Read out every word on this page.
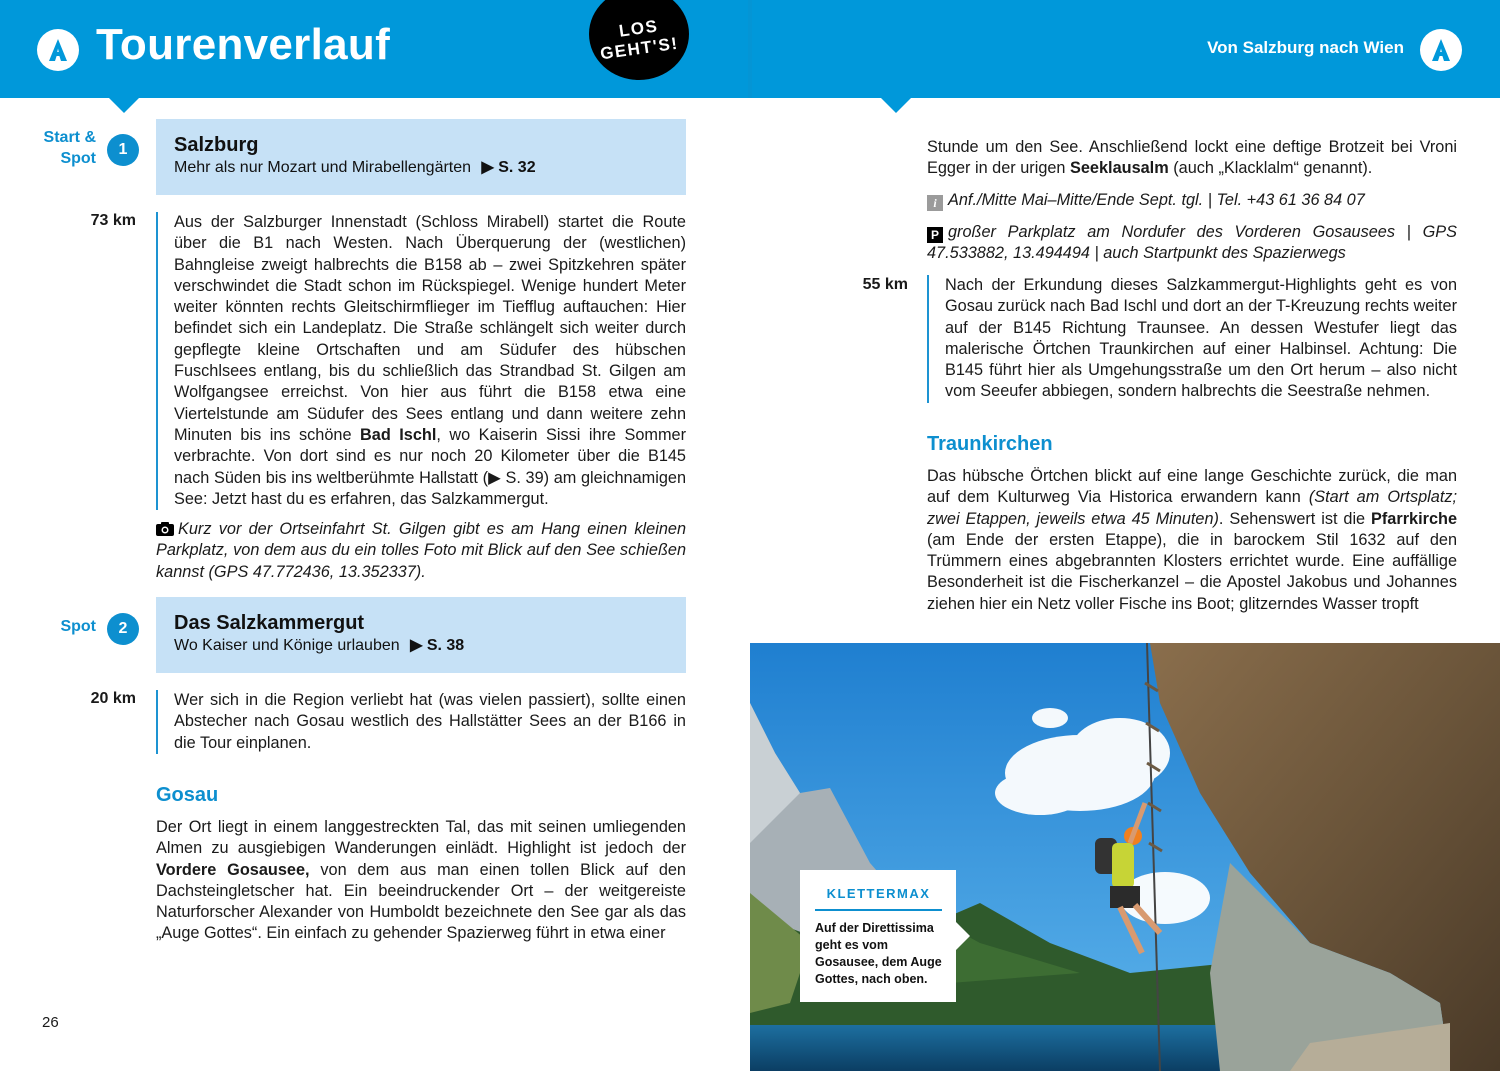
Tourenverlauf	LOS
GEHT'S!	Von Salzburg nach Wien
Start &
Spot
1	Salzburg
Mehr als nur Mozart und Mirabellengärten ▶ S. 32
73 km	Aus der Salzburger Innenstadt (Schloss Mirabell) startet die Route über die B1 nach Westen. Nach Überquerung der (westlichen) Bahngleise zweigt halbrechts die B158 ab – zwei Spitzkehren später verschwindet die Stadt schon im Rückspiegel. Wenige hundert Meter weiter könnten rechts Gleitschirmflieger im Tiefflug auftauchen: Hier befindet sich ein Landeplatz. Die Straße schlängelt sich weiter durch gepflegte kleine Ortschaften und am Südufer des hübschen Fuschlsees entlang, bis du schließlich das Strandbad St. Gilgen am Wolfgangsee erreichst. Von hier aus führt die B158 etwa eine Viertelstunde am Südufer des Sees entlang und dann weitere zehn Minuten bis ins schöne Bad Ischl, wo Kaiserin Sissi ihre Sommer verbrachte. Von dort sind es nur noch 20 Kilometer über die B145 nach Süden bis ins weltberühmte Hallstatt (▶ S. 39) am gleichnamigen See: Jetzt hast du es erfahren, das Salzkammergut.
Kurz vor der Ortseinfahrt St. Gilgen gibt es am Hang einen kleinen Parkplatz, von dem aus du ein tolles Foto mit Blick auf den See schießen kannst (GPS 47.772436, 13.352337).
Spot	2	Das Salzkammergut
Wo Kaiser und Könige urlauben ▶ S. 38
20 km	Wer sich in die Region verliebt hat (was vielen passiert), sollte einen Abstecher nach Gosau westlich des Hallstätter Sees an der B166 in die Tour einplanen.
Gosau
Der Ort liegt in einem langgestreckten Tal, das mit seinen umliegenden Almen zu ausgiebigen Wanderungen einlädt. Highlight ist jedoch der Vordere Gosausee, von dem aus man einen tollen Blick auf den Dachsteingletscher hat. Ein beeindruckender Ort – der weitgereiste Naturforscher Alexander von Humboldt bezeichnete den See gar als das „Auge Gottes“. Ein einfach zu gehender Spazierweg führt in etwa einer
26
Stunde um den See. Anschließend lockt eine deftige Brotzeit bei Vroni Egger in der urigen Seeklausalm (auch „Klacklalm“ genannt).
i Anf./Mitte Mai–Mitte/Ende Sept. tgl. | Tel. +43 61 36 84 07
P großer Parkplatz am Nordufer des Vorderen Gosausees | GPS 47.533882, 13.494494 | auch Startpunkt des Spazierwegs
55 km	Nach der Erkundung dieses Salzkammergut-Highlights geht es von Gosau zurück nach Bad Ischl und dort an der T-Kreuzung rechts weiter auf der B145 Richtung Traunsee. An dessen Westufer liegt das malerische Örtchen Traunkirchen auf einer Halbinsel. Achtung: Die B145 führt hier als Umgehungsstraße um den Ort herum – also nicht vom Seeufer abbiegen, sondern halbrechts die Seestraße nehmen.
Traunkirchen
Das hübsche Örtchen blickt auf eine lange Geschichte zurück, die man auf dem Kulturweg Via Historica erwandern kann (Start am Ortsplatz; zwei Etappen, jeweils etwa 45 Minuten). Sehenswert ist die Pfarrkirche (am Ende der ersten Etappe), die in barockem Stil 1632 auf den Trümmern eines abgebrannten Klosters errichtet wurde. Eine auffällige Besonderheit ist die Fischerkanzel – die Apostel Jakobus und Johannes ziehen hier ein Netz voller Fische ins Boot; glitzerndes Wasser tropft
KLETTERMAX
Auf der Direttissima geht es vom Gosausee, dem Auge Gottes, nach oben.
